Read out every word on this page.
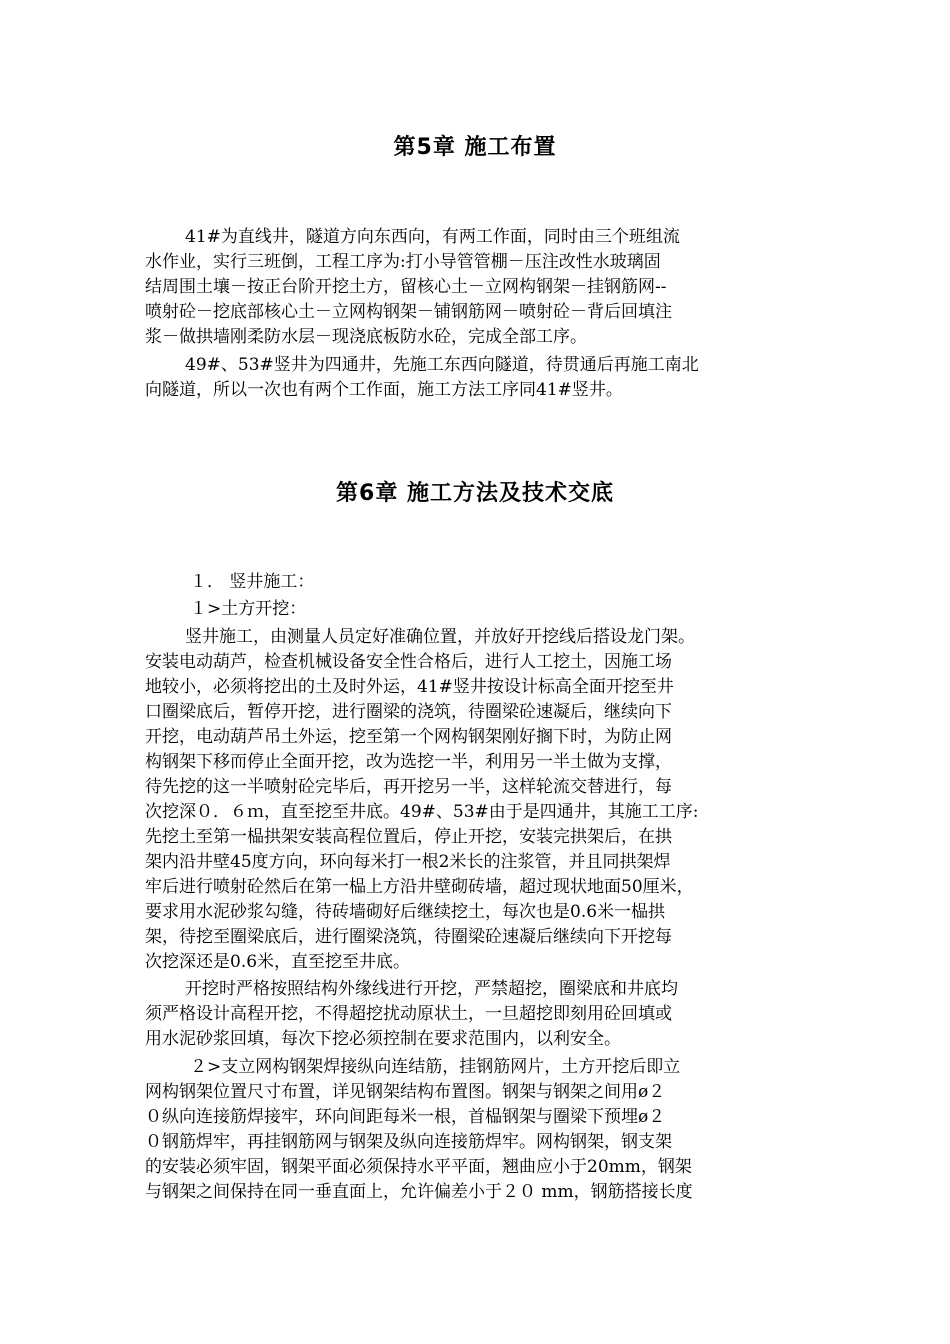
第5章 施工布置
41#为直线井，隧道方向东西向，有两工作面，同时由三个班组流
水作业，实行三班倒，工程工序为:打小导管管棚－压注改性水玻璃固
结周围土壤－按正台阶开挖土方，留核心土－立网构钢架－挂钢筋网--
喷射砼－挖底部核心土－立网构钢架－铺钢筋网－喷射砼－背后回填注
浆－做拱墙刚柔防水层－现浇底板防水砼，完成全部工序。
49#、53#竖井为四通井，先施工东西向隧道，待贯通后再施工南北
向隧道，所以一次也有两个工作面，施工方法工序同41#竖井。
第6章 施工方法及技术交底
１． 竖井施工：
１>土方开挖：
竖井施工，由测量人员定好准确位置，并放好开挖线后搭设龙门架。
安装电动葫芦，检查机械设备安全性合格后，进行人工挖土，因施工场
地较小，必须将挖出的土及时外运，41#竖井按设计标高全面开挖至井
口圈梁底后，暂停开挖，进行圈梁的浇筑，待圈梁砼速凝后，继续向下
开挖，电动葫芦吊土外运，挖至第一个网构钢架刚好搁下时，为防止网
构钢架下移而停止全面开挖，改为选挖一半，利用另一半土做为支撑，
待先挖的这一半喷射砼完毕后，再开挖另一半，这样轮流交替进行，每
次挖深０．６ｍ，直至挖至井底。49#、53#由于是四通井，其施工工序:
先挖土至第一榀拱架安装高程位置后，停止开挖，安装完拱架后，在拱
架内沿井壁45度方向，环向每米打一根2米长的注浆管，并且同拱架焊
牢后进行喷射砼然后在第一榀上方沿井壁砌砖墙，超过现状地面50厘米，
要求用水泥砂浆勾缝，待砖墙砌好后继续挖土，每次也是0.6米一榀拱
架，待挖至圈梁底后，进行圈梁浇筑，待圈梁砼速凝后继续向下开挖每
次挖深还是0.6米，直至挖至井底。
开挖时严格按照结构外缘线进行开挖，严禁超挖，圈梁底和井底均
须严格设计高程开挖，不得超挖扰动原状土，一旦超挖即刻用砼回填或
用水泥砂浆回填，每次下挖必须控制在要求范围内，以利安全。
２>支立网构钢架焊接纵向连结筋，挂钢筋网片，土方开挖后即立
网构钢架位置尺寸布置，详见钢架结构布置图。钢架与钢架之间用ø２
０纵向连接筋焊接牢，环向间距每米一根，首榀钢架与圈梁下预埋ø２
０钢筋焊牢，再挂钢筋网与钢架及纵向连接筋焊牢。网构钢架，钢支架
的安装必须牢固，钢架平面必须保持水平平面，翘曲应小于20mm，钢架
与钢架之间保持在同一垂直面上，允许偏差小于２０ mm，钢筋搭接长度
